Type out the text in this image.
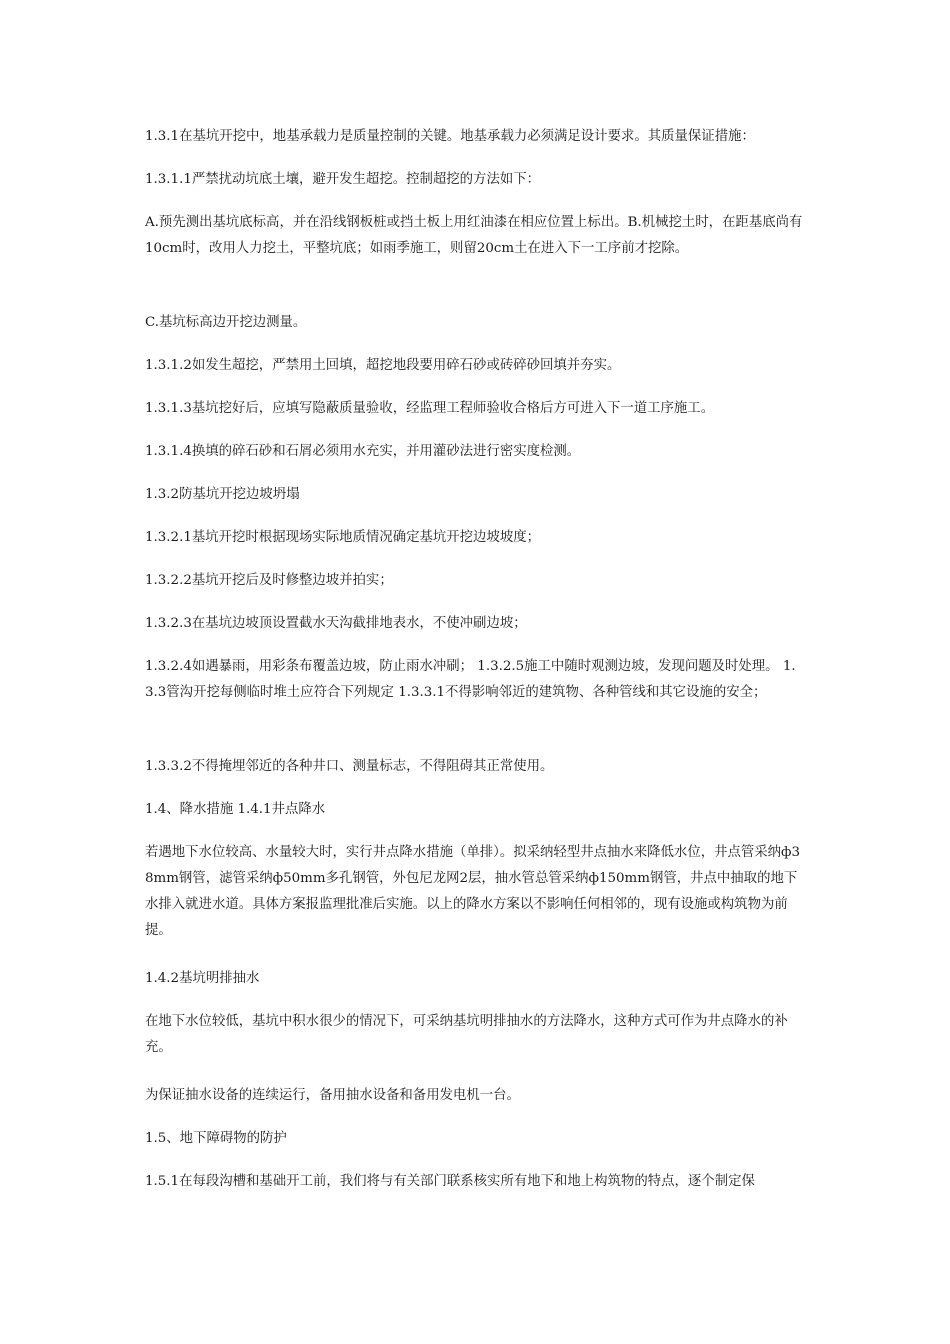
1.3.1在基坑开挖中，地基承载力是质量控制的关键。地基承载力必须满足设计要求。其质量保证措施：

1.3.1.1严禁扰动坑底土壤，避开发生超挖。控制超挖的方法如下：

A.预先测出基坑底标高，并在沿线钢板桩或挡土板上用红油漆在相应位置上标出。B.机械挖土时，在距基底尚有10cm时，改用人力挖土，平整坑底；如雨季施工，则留20cm土在进入下一工序前才挖除。

C.基坑标高边开挖边测量。

1.3.1.2如发生超挖，严禁用土回填，超挖地段要用碎石砂或砖碎砂回填并夯实。

1.3.1.3基坑挖好后，应填写隐蔽质量验收，经监理工程师验收合格后方可进入下一道工序施工。

1.3.1.4换填的碎石砂和石屑必须用水充实，并用灌砂法进行密实度检测。

1.3.2防基坑开挖边坡坍塌

1.3.2.1基坑开挖时根据现场实际地质情况确定基坑开挖边坡坡度；

1.3.2.2基坑开挖后及时修整边坡并拍实；

1.3.2.3在基坑边坡顶设置截水天沟截排地表水，不使冲刷边坡；

1.3.2.4如遇暴雨，用彩条布覆盖边坡，防止雨水冲刷； 1.3.2.5施工中随时观测边坡，发现问题及时处理。 1.3.3管沟开挖每侧临时堆土应符合下列规定 1.3.3.1不得影响邻近的建筑物、各种管线和其它设施的安全；

1.3.3.2不得掩埋邻近的各种井口、测量标志，不得阻碍其正常使用。

1.4、降水措施 1.4.1井点降水

若遇地下水位较高、水量较大时，实行井点降水措施（单排）。拟采纳轻型井点抽水来降低水位，井点管采纳ф38mm钢管，滤管采纳ф50mm多孔钢管，外包尼龙网2层，抽水管总管采纳ф150mm钢管，井点中抽取的地下水排入就进水道。具体方案报监理批准后实施。以上的降水方案以不影响任何相邻的，现有设施或构筑物为前提。

1.4.2基坑明排抽水

在地下水位较低，基坑中积水很少的情况下，可采纳基坑明排抽水的方法降水，这种方式可作为井点降水的补充。

为保证抽水设备的连续运行，备用抽水设备和备用发电机一台。

1.5、地下障碍物的防护

1.5.1在每段沟槽和基础开工前，我们将与有关部门联系核实所有地下和地上构筑物的特点，逐个制定保
